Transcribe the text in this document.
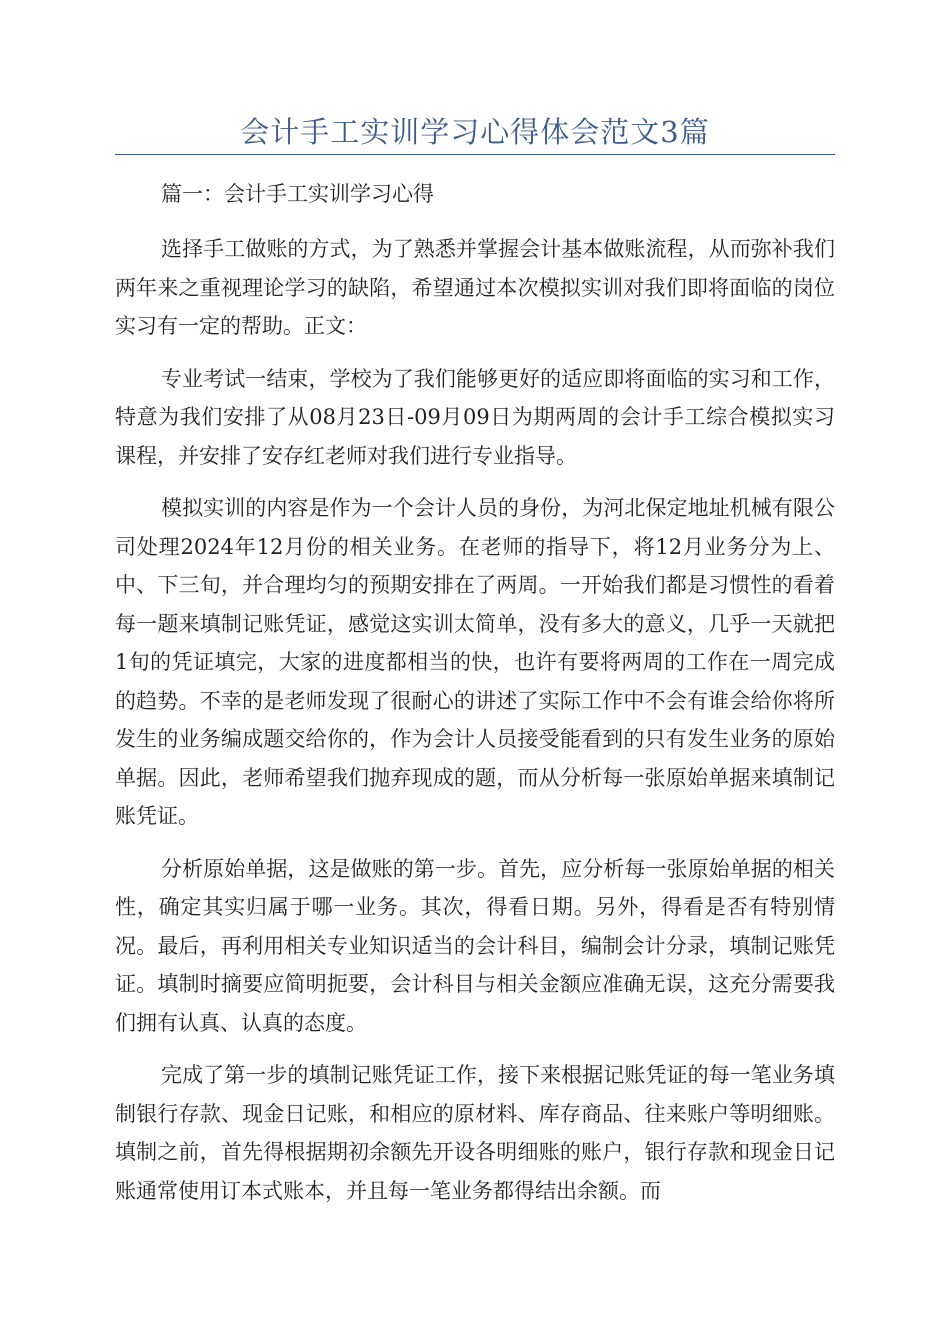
会计手工实训学习心得体会范文3篇

篇一：会计手工实训学习心得

选择手工做账的方式，为了熟悉并掌握会计基本做账流程，从而弥补我们两年来之重视理论学习的缺陷，希望通过本次模拟实训对我们即将面临的岗位实习有一定的帮助。正文：

专业考试一结束，学校为了我们能够更好的适应即将面临的实习和工作，特意为我们安排了从08月23日-09月09日为期两周的会计手工综合模拟实习课程，并安排了安存红老师对我们进行专业指导。

模拟实训的内容是作为一个会计人员的身份，为河北保定地址机械有限公司处理2024年12月份的相关业务。在老师的指导下，将12月业务分为上、中、下三旬，并合理均匀的预期安排在了两周。一开始我们都是习惯性的看着每一题来填制记账凭证，感觉这实训太简单，没有多大的意义，几乎一天就把1旬的凭证填完，大家的进度都相当的快，也许有要将两周的工作在一周完成的趋势。不幸的是老师发现了很耐心的讲述了实际工作中不会有谁会给你将所发生的业务编成题交给你的，作为会计人员接受能看到的只有发生业务的原始单据。因此，老师希望我们抛弃现成的题，而从分析每一张原始单据来填制记账凭证。

分析原始单据，这是做账的第一步。首先，应分析每一张原始单据的相关性，确定其实归属于哪一业务。其次，得看日期。另外，得看是否有特别情况。最后，再利用相关专业知识适当的会计科目，编制会计分录，填制记账凭证。填制时摘要应简明扼要，会计科目与相关金额应准确无误，这充分需要我们拥有认真、认真的态度。

完成了第一步的填制记账凭证工作，接下来根据记账凭证的每一笔业务填制银行存款、现金日记账，和相应的原材料、库存商品、往来账户等明细账。填制之前，首先得根据期初余额先开设各明细账的账户，银行存款和现金日记账通常使用订本式账本，并且每一笔业务都得结出余额。而
